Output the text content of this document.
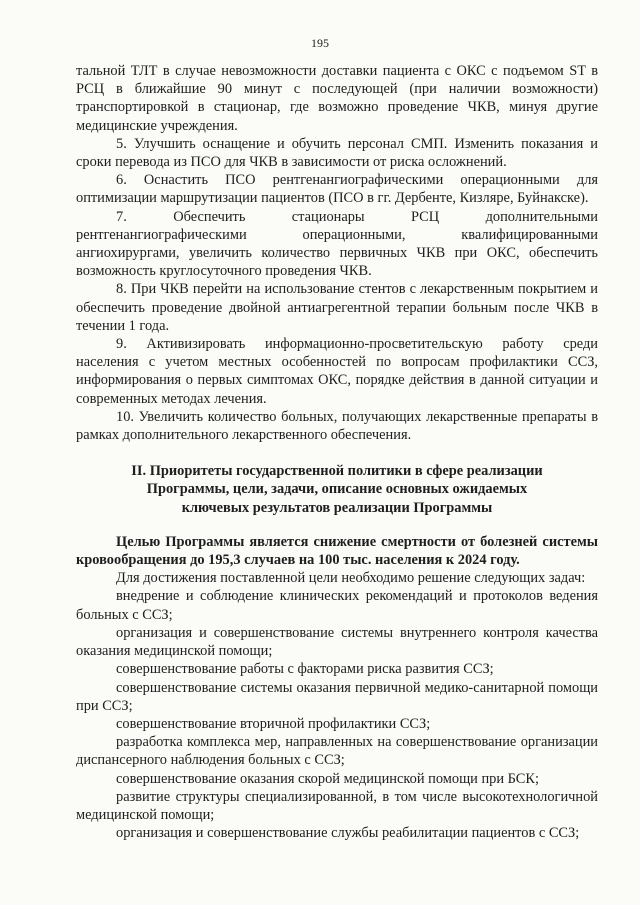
195

тальной ТЛТ в случае невозможности доставки пациента с ОКС с подъемом ST в РСЦ в ближайшие 90 минут с последующей (при наличии возможности) транспортировкой в стационар, где возможно проведение ЧКВ, минуя другие медицинские учреждения.

5. Улучшить оснащение и обучить персонал СМП. Изменить показания и сроки перевода из ПСО для ЧКВ в зависимости от риска осложнений.

6. Оснастить ПСО рентгенангиографическими операционными для оптимизации маршрутизации пациентов (ПСО в гг. Дербенте, Кизляре, Буйнакске).

7. Обеспечить стационары РСЦ дополнительными рентгенангиографическими операционными, квалифицированными ангиохирургами, увеличить количество первичных ЧКВ при ОКС, обеспечить возможность круглосуточного проведения ЧКВ.

8. При ЧКВ перейти на использование стентов с лекарственным покрытием и обеспечить проведение двойной антиагрегентной терапии больным после ЧКВ в течении 1 года.

9. Активизировать информационно-просветительскую работу среди населения с учетом местных особенностей по вопросам профилактики ССЗ, информирования о первых симптомах ОКС, порядке действия в данной ситуации и современных методах лечения.

10. Увеличить количество больных, получающих лекарственные препараты в рамках дополнительного лекарственного обеспечения.

II. Приоритеты государственной политики в сфере реализации
Программы, цели, задачи, описание основных ожидаемых
ключевых результатов реализации Программы

Целью Программы является снижение смертности от болезней системы кровообращения до 195,3 случаев на 100 тыс. населения к 2024 году.

Для достижения поставленной цели необходимо решение следующих задач:

внедрение и соблюдение клинических рекомендаций и протоколов ведения больных с ССЗ;

организация и совершенствование системы внутреннего контроля качества оказания медицинской помощи;

совершенствование работы с факторами риска развития ССЗ;

совершенствование системы оказания первичной медико-санитарной помощи при ССЗ;

совершенствование вторичной профилактики ССЗ;

разработка комплекса мер, направленных на совершенствование организации диспансерного наблюдения больных с ССЗ;

совершенствование оказания скорой медицинской помощи при БСК;

развитие структуры специализированной, в том числе высокотехнологичной медицинской помощи;

организация и совершенствование службы реабилитации пациентов с ССЗ;
